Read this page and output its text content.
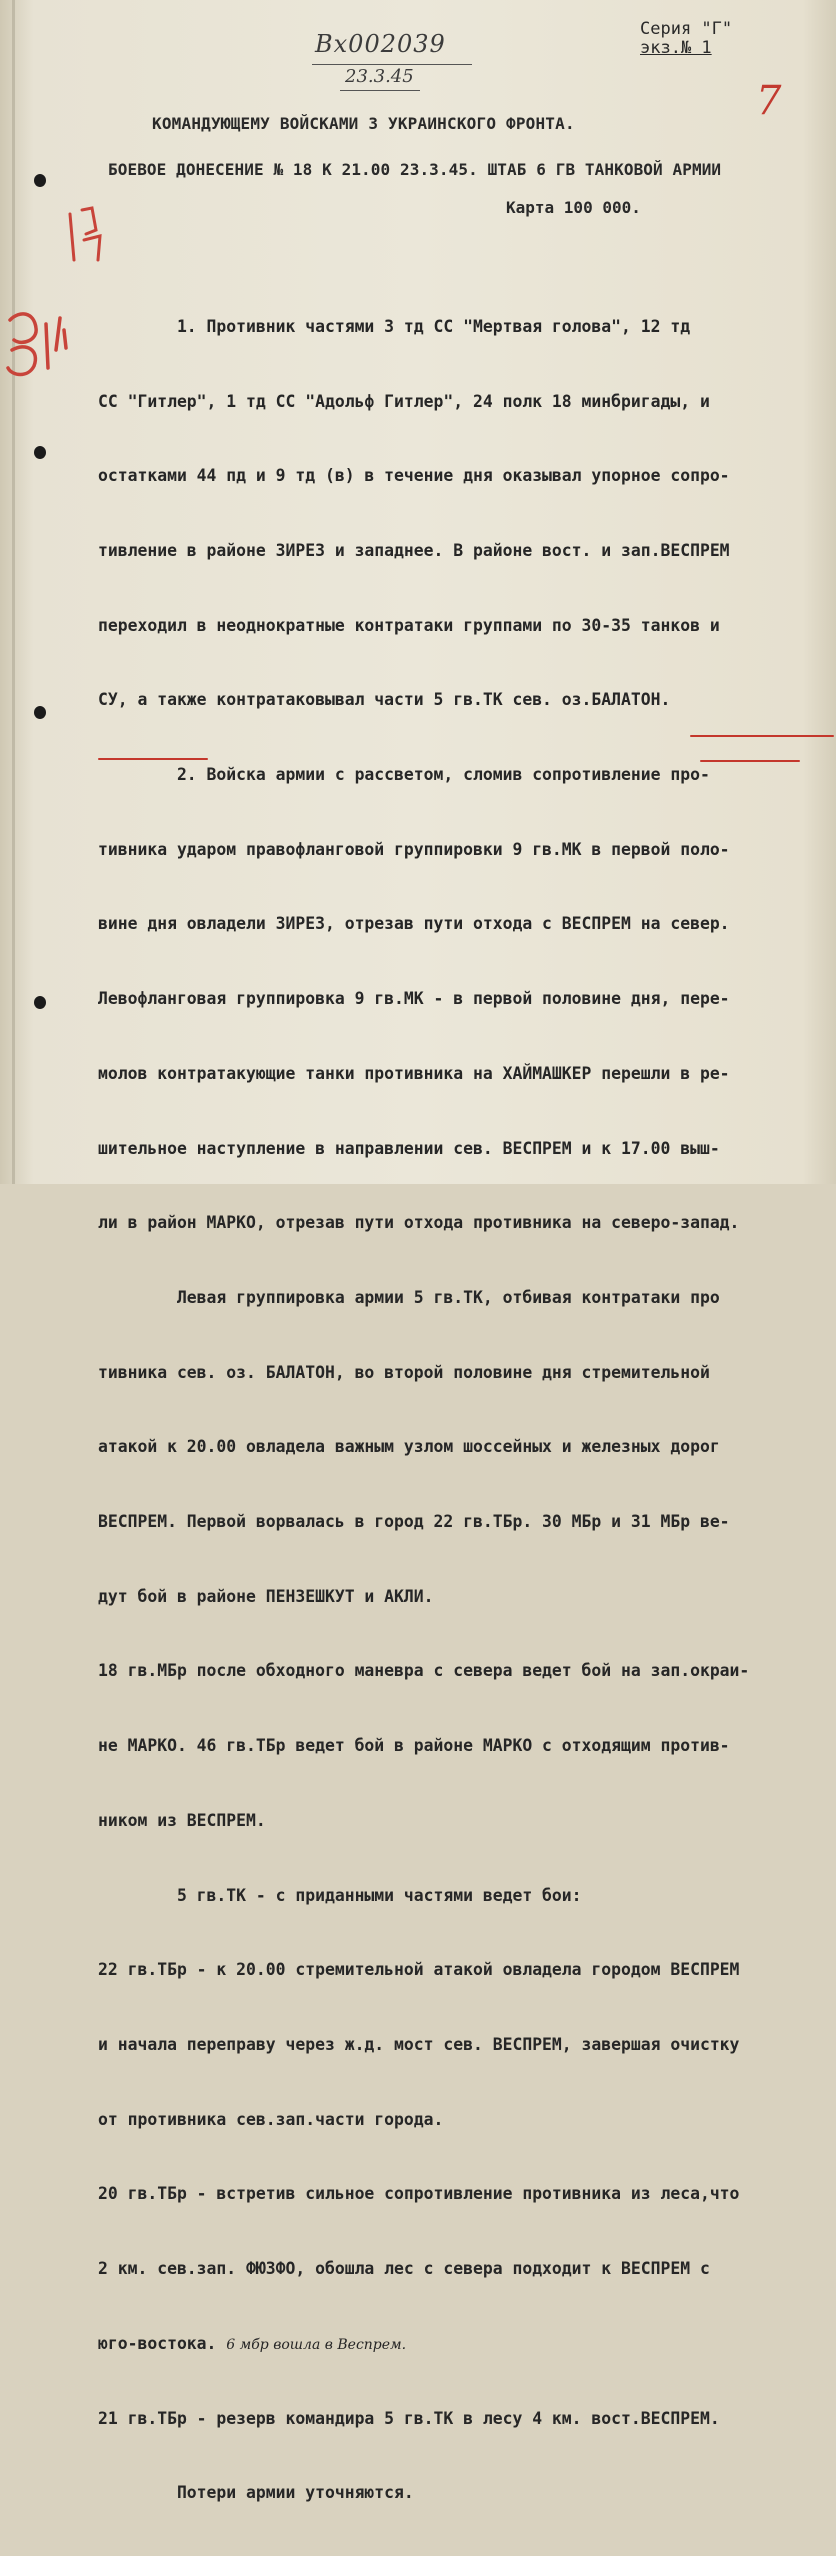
Вх002039
23.3.45
Серия "Г"
экз.№ 1
7
КОМАНДУЮЩЕМУ ВОЙСКАМИ 3 УКРАИНСКОГО ФРОНТА.
БОЕВОЕ ДОНЕСЕНИЕ № 18 К 21.00 23.3.45. ШТАБ 6 ГВ ТАНКОВОЙ АРМИИ
Карта 100 000.

1. Противник частями 3 тд СС "Мертвая голова", 12 тд

СС "Гитлер", 1 тд СС "Адольф Гитлер", 24 полк 18 минбригады, и

остатками 44 пд и 9 тд (в) в течение дня оказывал упорное сопро-

тивление в районе ЗИРЕЗ и западнее. В районе вост. и зап.ВЕСПРЕМ

переходил в неоднократные контратаки группами по 30-35 танков и

СУ, а также контратаковывал части 5 гв.ТК сев. оз.БАЛАТОН.

2. Войска армии с рассветом, сломив сопротивление про-

тивника ударом правофланговой группировки 9 гв.МК в первой поло-

вине дня овладели ЗИРЕЗ, отрезав пути отхода с ВЕСПРЕМ на север.

Левофланговая группировка 9 гв.МК - в первой половине дня, пере-

молов контратакующие танки противника на ХАЙМАШКЕР перешли в ре-

шительное наступление в направлении сев. ВЕСПРЕМ и к 17.00 выш-

ли в район МАРКО, отрезав пути отхода противника на северо-запад.

Левая группировка армии 5 гв.ТК, отбивая контратаки про

тивника сев. оз. БАЛАТОН, во второй половине дня стремительной

атакой к 20.00 овладела важным узлом шоссейных и железных дорог

ВЕСПРЕМ. Первой ворвалась в город 22 гв.ТБр. 30 МБр и 31 МБр ве-

дут бой в районе ПЕНЗЕШКУТ и АКЛИ.

18 гв.МБр после обходного маневра с севера ведет бой на зап.окраи-

не МАРКО. 46 гв.ТБр ведет бой в районе МАРКО с отходящим против-

ником из ВЕСПРЕМ.

5 гв.ТК - с приданными частями ведет бои:

22 гв.ТБр - к 20.00 стремительной атакой овладела городом ВЕСПРЕМ

и начала переправу через ж.д. мост сев. ВЕСПРЕМ, завершая очистку

от противника сев.зап.части города.

20 гв.ТБр - встретив сильное сопротивление противника из леса,что

2 км. сев.зап. ФЮЗФО, обошла лес с севера подходит к ВЕСПРЕМ с

юго-востока. 6 мбр вошла в Веспрем.

21 гв.ТБр - резерв командира 5 гв.ТК в лесу 4 км. вост.ВЕСПРЕМ.

Потери армии уточняются.
